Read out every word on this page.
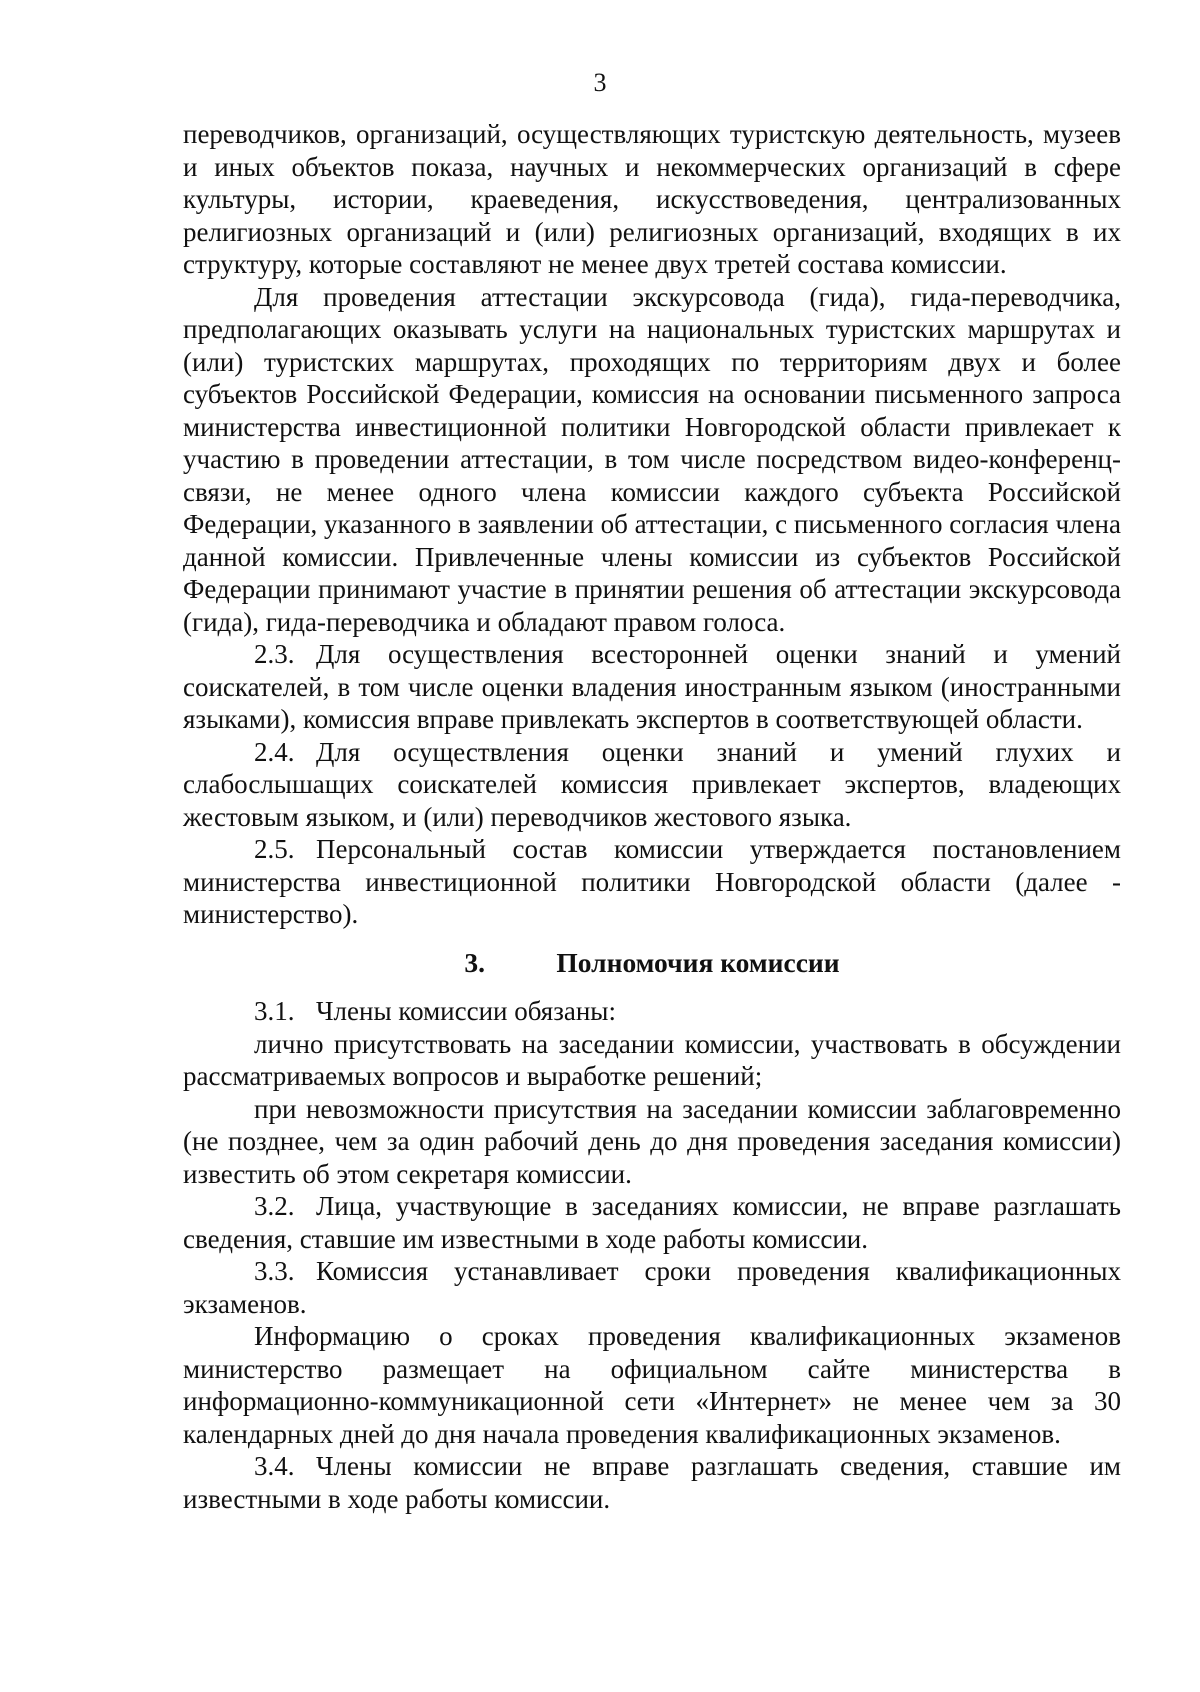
3

переводчиков, организаций, осуществляющих туристскую деятельность, музеев и иных объектов показа, научных и некоммерческих организаций в сфере культуры, истории, краеведения, искусствоведения, централизованных религиозных организаций и (или) религиозных организаций, входящих в их структуру, которые составляют не менее двух третей состава комиссии.

Для проведения аттестации экскурсовода (гида), гида-переводчика, предполагающих оказывать услуги на национальных туристских маршрутах и (или) туристских маршрутах, проходящих по территориям двух и более субъектов Российской Федерации, комиссия на основании письменного запроса министерства инвестиционной политики Новгородской области привлекает к участию в проведении аттестации, в том числе посредством видео-конференц-связи, не менее одного члена комиссии каждого субъекта Российской Федерации, указанного в заявлении об аттестации, с письменного согласия члена данной комиссии. Привлеченные члены комиссии из субъектов Российской Федерации принимают участие в принятии решения об аттестации экскурсовода (гида), гида-переводчика и обладают правом голоса.

2.3. Для осуществления всесторонней оценки знаний и умений соискателей, в том числе оценки владения иностранным языком (иностранными языками), комиссия вправе привлекать экспертов в соответствующей области.

2.4. Для осуществления оценки знаний и умений глухих и слабослышащих соискателей комиссия привлекает экспертов, владеющих жестовым языком, и (или) переводчиков жестового языка.

2.5. Персональный состав комиссии утверждается постановлением министерства инвестиционной политики Новгородской области (далее - министерство).

3.	Полномочия комиссии

3.1. Члены комиссии обязаны:

лично присутствовать на заседании комиссии, участвовать в обсуждении рассматриваемых вопросов и выработке решений;

при невозможности присутствия на заседании комиссии заблаговременно (не позднее, чем за один рабочий день до дня проведения заседания комиссии) известить об этом секретаря комиссии.

3.2. Лица, участвующие в заседаниях комиссии, не вправе разглашать сведения, ставшие им известными в ходе работы комиссии.

3.3. Комиссия устанавливает сроки проведения квалификационных экзаменов.

Информацию о сроках проведения квалификационных экзаменов министерство размещает на официальном сайте министерства в информационно-коммуникационной сети «Интернет» не менее чем за 30 календарных дней до дня начала проведения квалификационных экзаменов.

3.4. Члены комиссии не вправе разглашать сведения, ставшие им известными в ходе работы комиссии.
